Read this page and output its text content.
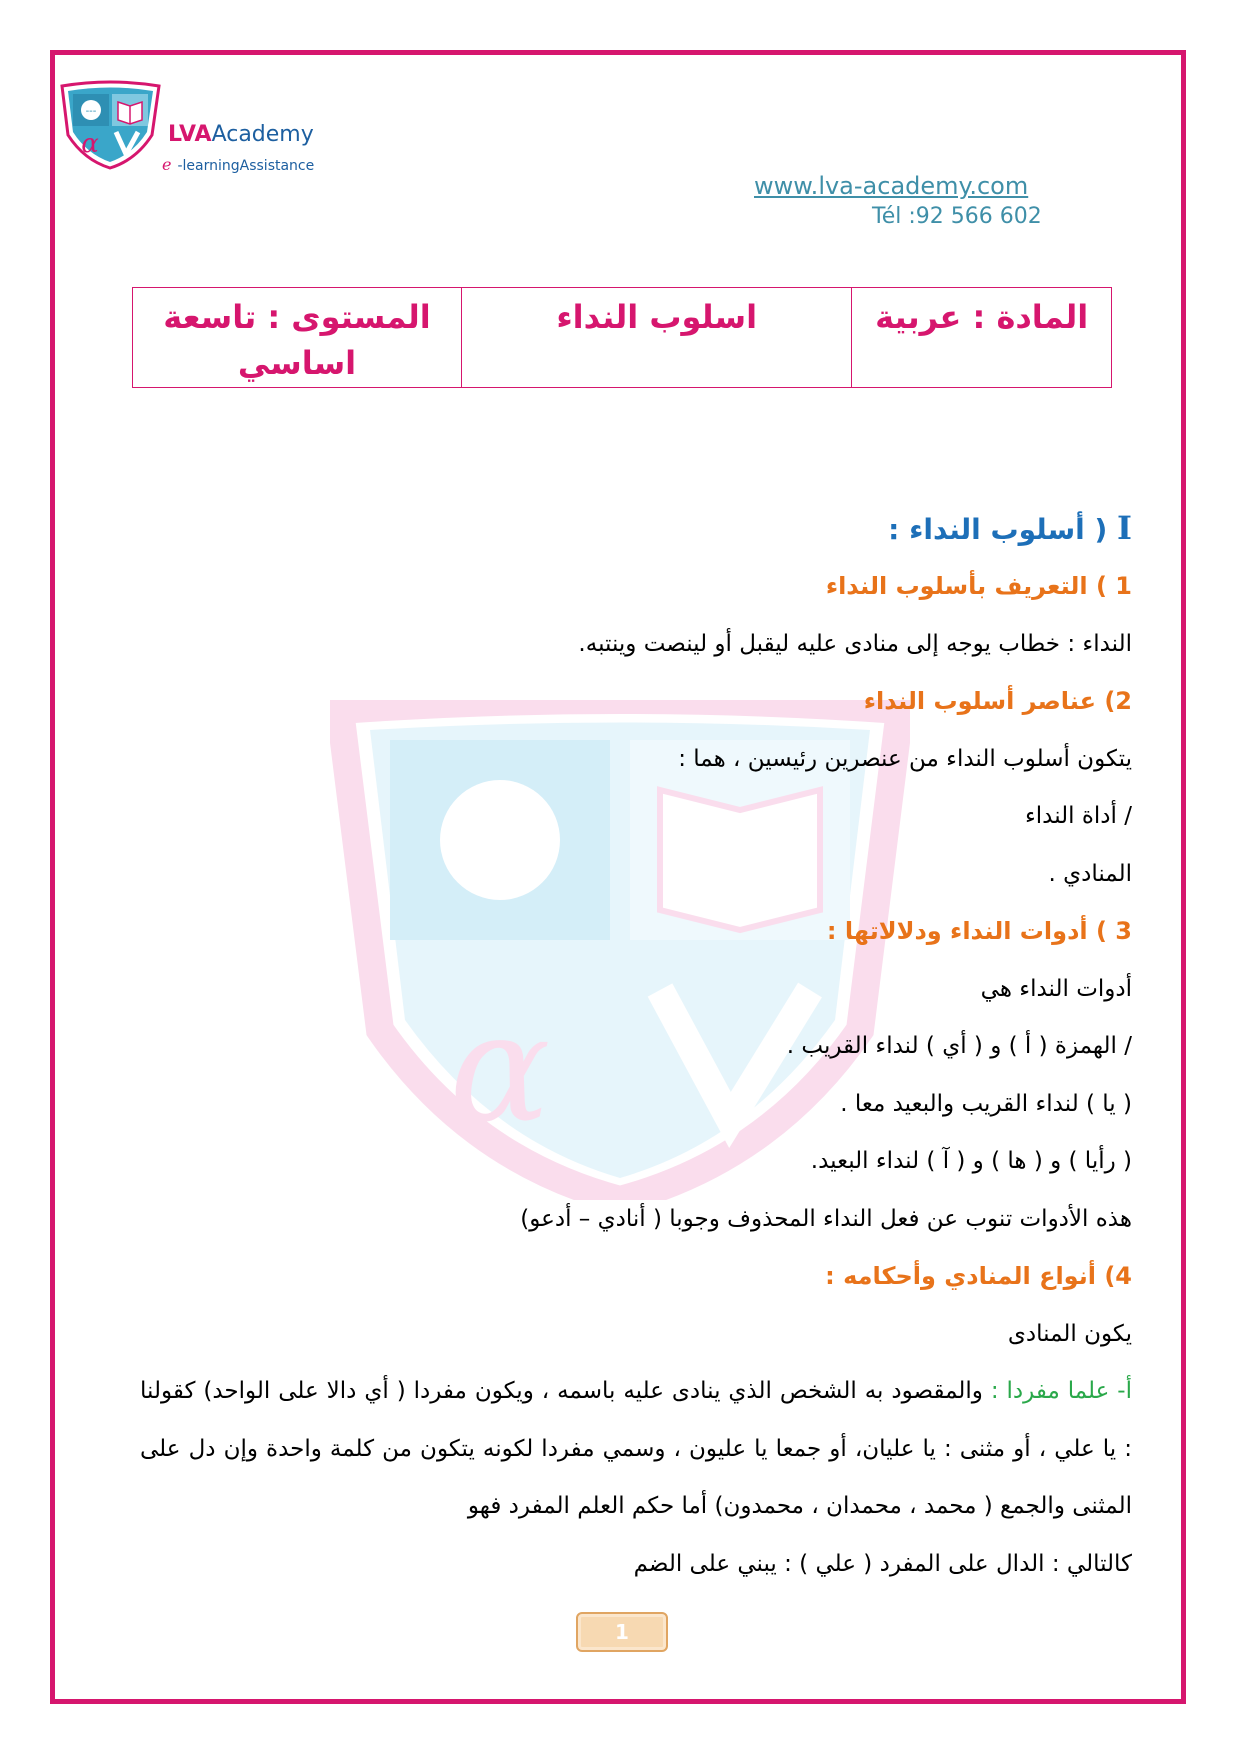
---
α	LVAAcademy
e -learningAssistance
www.lva-academy.com
Tél :92 566 602
المادة : عربية	اسلوب النداء	المستوى : تاسعة اساسي
α
I ( أسلوب النداء :
1 ) التعريف بأسلوب النداء
النداء : خطاب يوجه إلى منادى عليه ليقبل أو لينصت وينتبه.
2) عناصر أسلوب النداء
يتكون أسلوب النداء من عنصرين رئيسين ، هما :
/ أداة النداء
المنادي .
3 ) أدوات النداء ودلالاتها :
أدوات النداء هي
/ الهمزة ( أ ) و ( أي ) لنداء القريب .
( يا ) لنداء القريب والبعيد معا .
( رأيا ) و ( ها ) و ( آ ) لنداء البعيد.
هذه الأدوات تنوب عن فعل النداء المحذوف وجوبا ( أنادي – أدعو)
4) أنواع المنادي وأحكامه :
يكون المنادى
أ- علما مفردا : والمقصود به الشخص الذي ينادى عليه باسمه ، ويكون مفردا ( أي دالا على الواحد) كقولنا : يا علي ، أو مثنى : يا عليان، أو جمعا يا عليون ، وسمي مفردا لكونه يتكون من كلمة واحدة وإن دل على المثنى والجمع ( محمد ، محمدان ، محمدون) أما حكم العلم المفرد فهو
كالتالي : الدال على المفرد ( علي ) : يبني على الضم
1
